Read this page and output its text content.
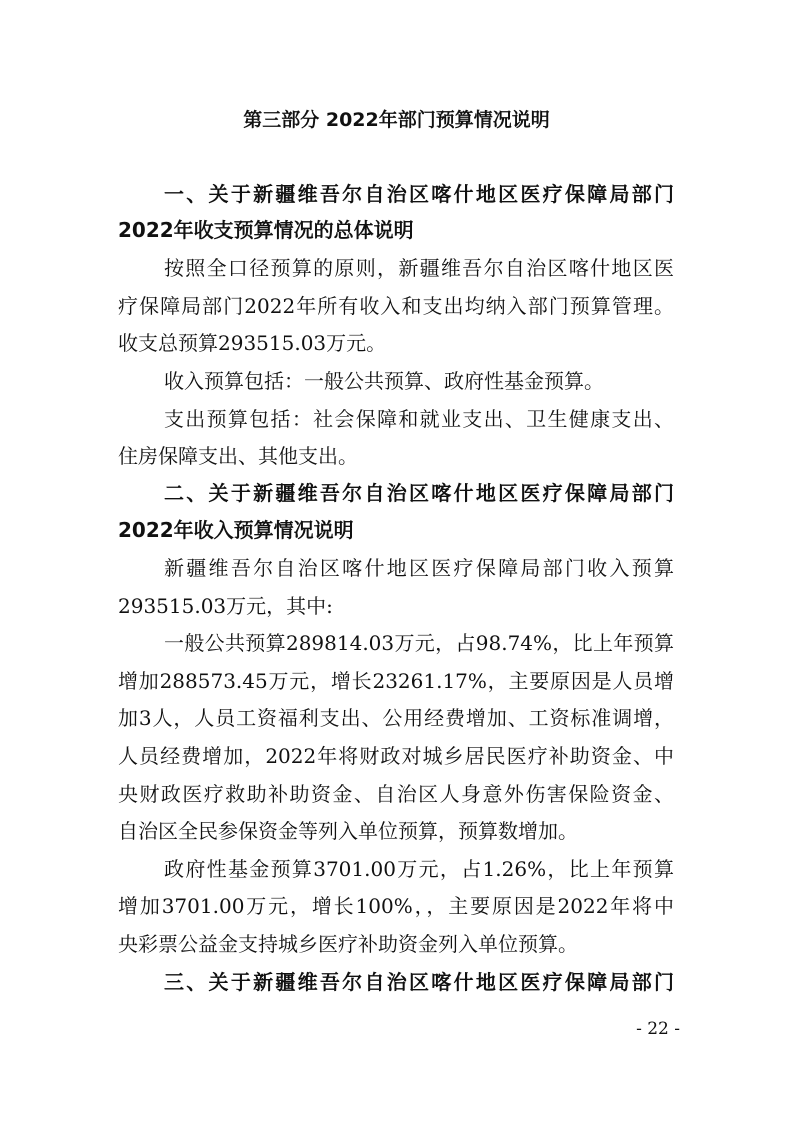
第三部分 2022年部门预算情况说明
一、关于新疆维吾尔自治区喀什地区医疗保障局部门
2022年收支预算情况的总体说明
按照全口径预算的原则，新疆维吾尔自治区喀什地区医
疗保障局部门2022年所有收入和支出均纳入部门预算管理。
收支总预算293515.03万元。
收入预算包括：一般公共预算、政府性基金预算。
支出预算包括：社会保障和就业支出、卫生健康支出、
住房保障支出、其他支出。
二、关于新疆维吾尔自治区喀什地区医疗保障局部门
2022年收入预算情况说明
新疆维吾尔自治区喀什地区医疗保障局部门收入预算
293515.03万元，其中:
一般公共预算289814.03万元，占98.74%，比上年预算
增加288573.45万元，增长23261.17%，主要原因是人员增
加3人，人员工资福利支出、公用经费增加、工资标准调增，
人员经费增加，2022年将财政对城乡居民医疗补助资金、中
央财政医疗救助补助资金、自治区人身意外伤害保险资金、
自治区全民参保资金等列入单位预算，预算数增加。
政府性基金预算3701.00万元，占1.26%，比上年预算
增加3701.00万元，增长100%，，主要原因是2022年将中
央彩票公益金支持城乡医疗补助资金列入单位预算。
三、关于新疆维吾尔自治区喀什地区医疗保障局部门
- 22 -
